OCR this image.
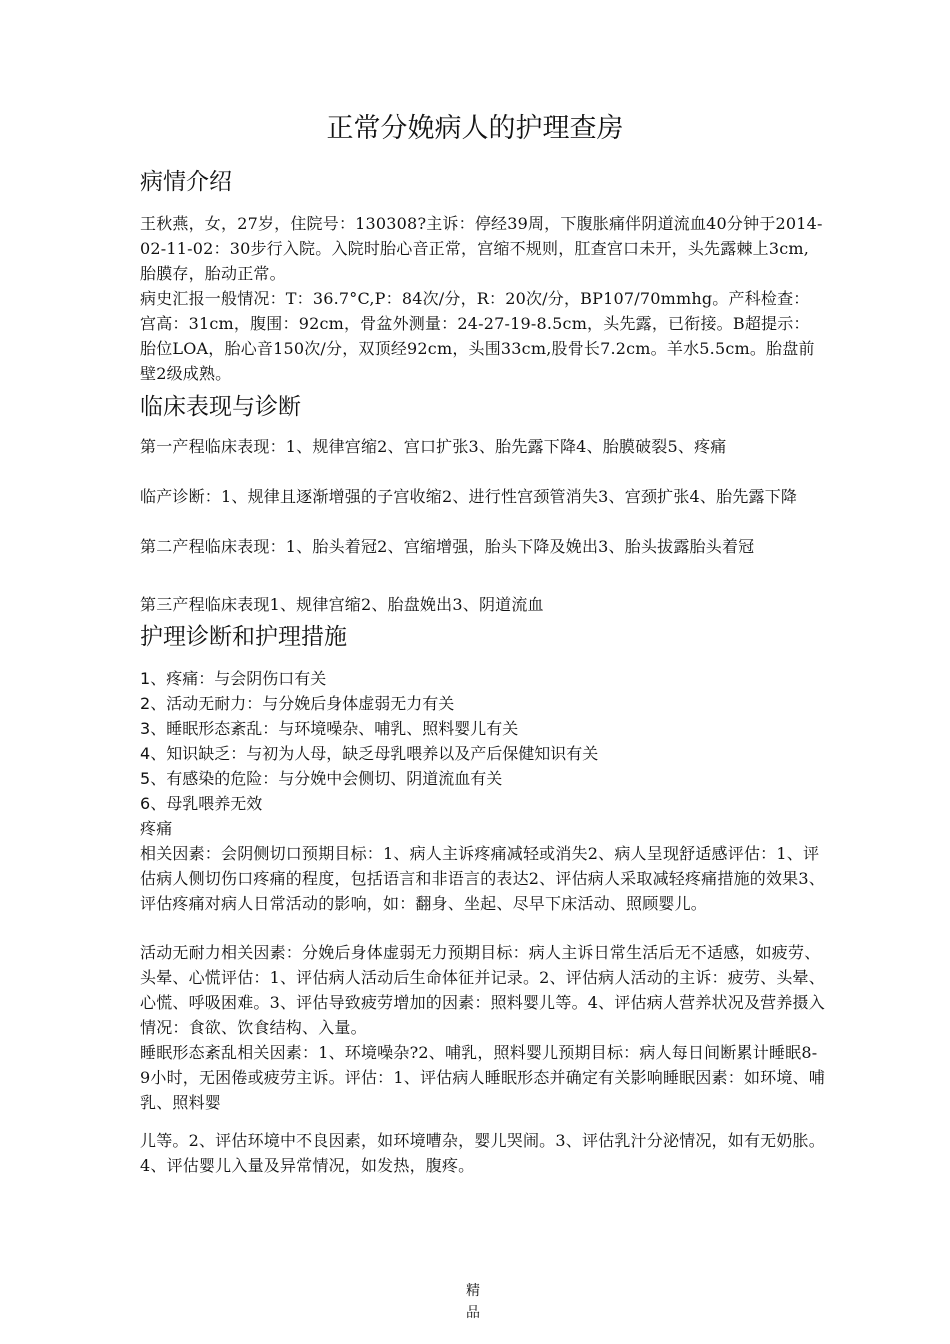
正常分娩病人的护理查房
病情介绍

王秋燕，女，27岁，住院号：130308?主诉：停经39周，下腹胀痛伴阴道流血40分钟于2014-02-11-02：30步行入院。入院时胎心音正常，宫缩不规则，肛查宫口未开，头先露棘上3cm,胎膜存，胎动正常。

病史汇报一般情况：T：36.7°C,P：84次/分，R：20次/分，BP107/70mmhg。产科检查：宫高：31cm，腹围：92cm，骨盆外测量：24-27-19-8.5cm，头先露，已衔接。B超提示：胎位LOA，胎心音150次/分，双顶经92cm，头围33cm,股骨长7.2cm。羊水5.5cm。胎盘前壁2级成熟。

临床表现与诊断

第一产程临床表现：1、规律宫缩2、宫口扩张3、胎先露下降4、胎膜破裂5、疼痛

临产诊断：1、规律且逐渐增强的子宫收缩2、进行性宫颈管消失3、宫颈扩张4、胎先露下降

第二产程临床表现：1、胎头着冠2、宫缩增强，胎头下降及娩出3、胎头拔露胎头着冠

第三产程临床表现1、规律宫缩2、胎盘娩出3、阴道流血

护理诊断和护理措施

1、疼痛：与会阴伤口有关

2、活动无耐力：与分娩后身体虚弱无力有关

3、睡眠形态紊乱：与环境噪杂、哺乳、照料婴儿有关

4、知识缺乏：与初为人母，缺乏母乳喂养以及产后保健知识有关

5、有感染的危险：与分娩中会侧切、阴道流血有关

6、母乳喂养无效

疼痛

相关因素：会阴侧切口预期目标：1、病人主诉疼痛减轻或消失2、病人呈现舒适感评估：1、评估病人侧切伤口疼痛的程度，包括语言和非语言的表达2、评估病人采取减轻疼痛措施的效果3、评估疼痛对病人日常活动的影响，如：翻身、坐起、尽早下床活动、照顾婴儿。

活动无耐力相关因素：分娩后身体虚弱无力预期目标：病人主诉日常生活后无不适感，如疲劳、头晕、心慌评估：1、评估病人活动后生命体征并记录。2、评估病人活动的主诉：疲劳、头晕、心慌、呼吸困难。3、评估导致疲劳增加的因素：照料婴儿等。4、评估病人营养状况及营养摄入情况：食欲、饮食结构、入量。

睡眠形态紊乱相关因素：1、环境噪杂?2、哺乳，照料婴儿预期目标：病人每日间断累计睡眠8-9小时，无困倦或疲劳主诉。评估：1、评估病人睡眠形态并确定有关影响睡眠因素：如环境、哺乳、照料婴

儿等。2、评估环境中不良因素，如环境嘈杂，婴儿哭闹。3、评估乳汁分泌情况，如有无奶胀。4、评估婴儿入量及异常情况，如发热，腹疼。

精品
